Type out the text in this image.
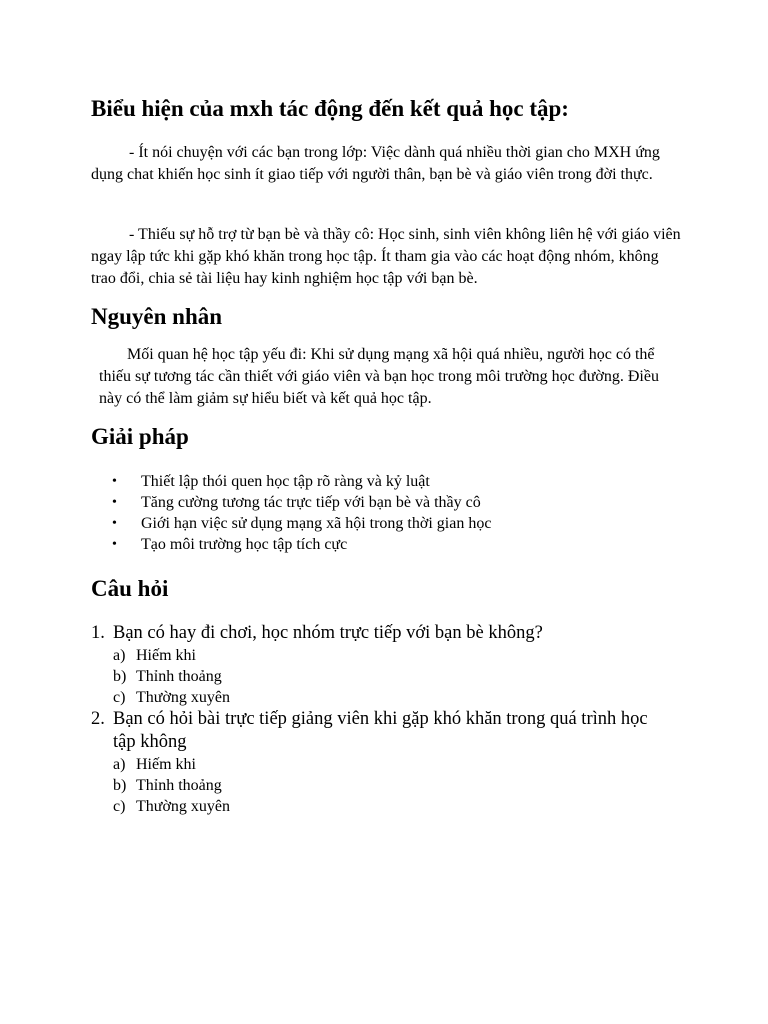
Biểu hiện của mxh tác động đến kết quả học tập:

- Ít nói chuyện với các bạn trong lớp: Việc dành quá nhiều thời gian cho MXH ứng dụng chat khiến học sinh ít giao tiếp với người thân, bạn bè và giáo viên trong đời thực.

- Thiếu sự hỗ trợ từ bạn bè và thầy cô: Học sinh, sinh viên không liên hệ với giáo viên ngay lập tức khi gặp khó khăn trong học tập. Ít tham gia vào các hoạt động nhóm, không trao đổi, chia sẻ tài liệu hay kinh nghiệm học tập với bạn bè.

Nguyên nhân

Mối quan hệ học tập yếu đi: Khi sử dụng mạng xã hội quá nhiều, người học có thể thiếu sự tương tác cần thiết với giáo viên và bạn học trong môi trường học đường. Điều này có thể làm giảm sự hiểu biết và kết quả học tập.

Giải pháp
• Thiết lập thói quen học tập rõ ràng và kỷ luật
• Tăng cường tương tác trực tiếp với bạn bè và thầy cô
• Giới hạn việc sử dụng mạng xã hội trong thời gian học
• Tạo môi trường học tập tích cực
Câu hỏi
1. Bạn có hay đi chơi, học nhóm trực tiếp với bạn bè không?
a) Hiếm khi
b) Thỉnh thoảng
c) Thường xuyên
2. Bạn có hỏi bài trực tiếp giảng viên khi gặp khó khăn trong quá trình học tập không
a) Hiếm khi
b) Thỉnh thoảng
c) Thường xuyên
